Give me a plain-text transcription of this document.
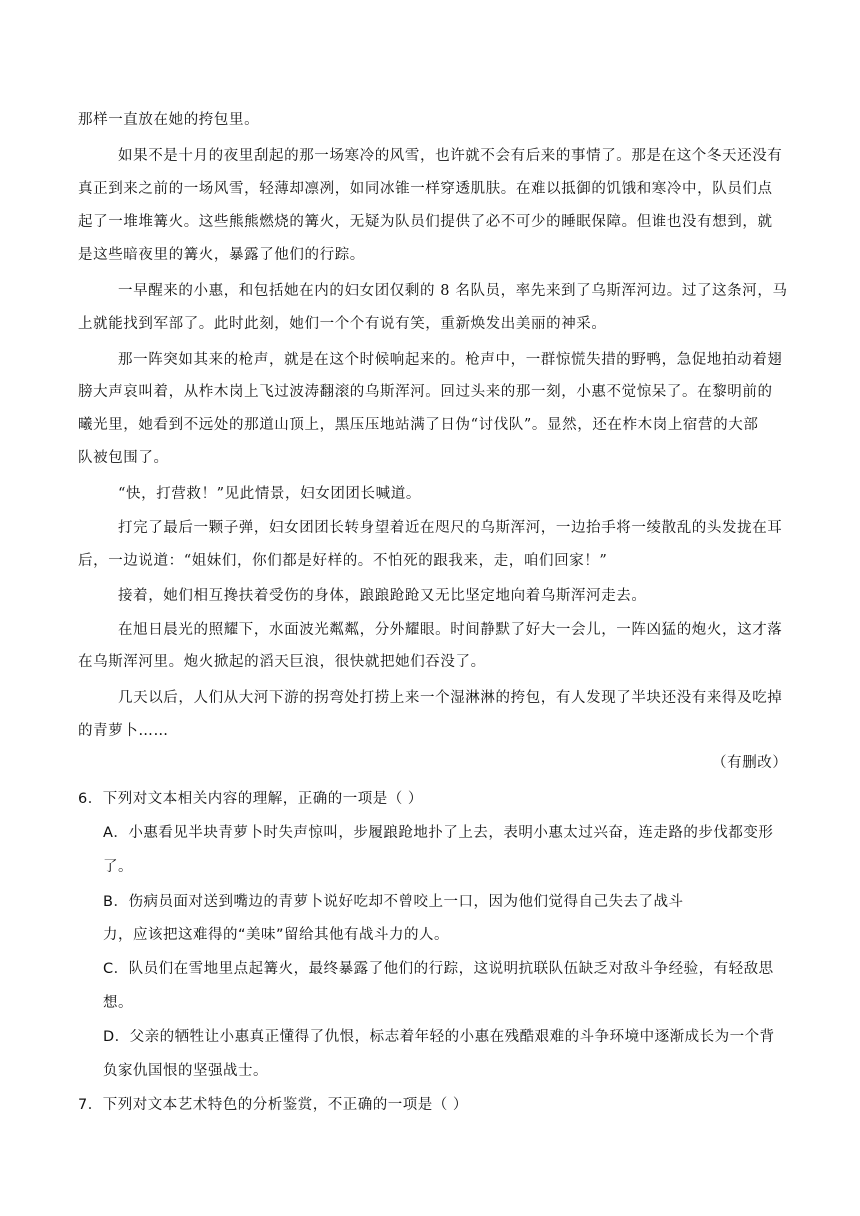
那样一直放在她的挎包里。
如果不是十月的夜里刮起的那一场寒冷的风雪，也许就不会有后来的事情了。那是在这个冬天还没有
真正到来之前的一场风雪，轻薄却凛冽，如同冰锥一样穿透肌肤。在难以抵御的饥饿和寒冷中，队员们点
起了一堆堆篝火。这些熊熊燃烧的篝火，无疑为队员们提供了必不可少的睡眠保障。但谁也没有想到，就
是这些暗夜里的篝火，暴露了他们的行踪。
一早醒来的小惠，和包括她在内的妇女团仅剩的 8 名队员，率先来到了乌斯浑河边。过了这条河，马
上就能找到军部了。此时此刻，她们一个个有说有笑，重新焕发出美丽的神采。
那一阵突如其来的枪声，就是在这个时候响起来的。枪声中，一群惊慌失措的野鸭，急促地拍动着翅
膀大声哀叫着，从柞木岗上飞过波涛翻滚的乌斯浑河。回过头来的那一刻，小惠不觉惊呆了。在黎明前的
曦光里，她看到不远处的那道山顶上，黑压压地站满了日伪“讨伐队”。显然，还在柞木岗上宿营的大部
队被包围了。
“快，打营救！”见此情景，妇女团团长喊道。
打完了最后一颗子弹，妇女团团长转身望着近在咫尺的乌斯浑河，一边抬手将一绫散乱的头发拢在耳
后，一边说道：“姐妹们，你们都是好样的。不怕死的跟我来，走，咱们回家！”
接着，她们相互搀扶着受伤的身体，踉踉跄跄又无比坚定地向着乌斯浑河走去。
在旭日晨光的照耀下，水面波光粼粼，分外耀眼。时间静默了好大一会儿，一阵凶猛的炮火，这才落
在乌斯浑河里。炮火掀起的滔天巨浪，很快就把她们吞没了。
几天以后，人们从大河下游的拐弯处打捞上来一个湿淋淋的挎包，有人发现了半块还没有来得及吃掉
的青萝卜……
（有删改）
6．下列对文本相关内容的理解，正确的一项是（ ）
A．小惠看见半块青萝卜时失声惊叫，步履踉跄地扑了上去，表明小惠太过兴奋，连走路的步伐都变形
了。
B．伤病员面对送到嘴边的青萝卜说好吃却不曾咬上一口，因为他们觉得自己失去了战斗
力，应该把这难得的“美味”留给其他有战斗力的人。
C．队员们在雪地里点起篝火，最终暴露了他们的行踪，这说明抗联队伍缺乏对敌斗争经验，有轻敌思
想。
D．父亲的牺牲让小惠真正懂得了仇恨，标志着年轻的小惠在残酷艰难的斗争环境中逐渐成长为一个背
负家仇国恨的坚强战士。
7．下列对文本艺术特色的分析鉴赏，不正确的一项是（ ）
